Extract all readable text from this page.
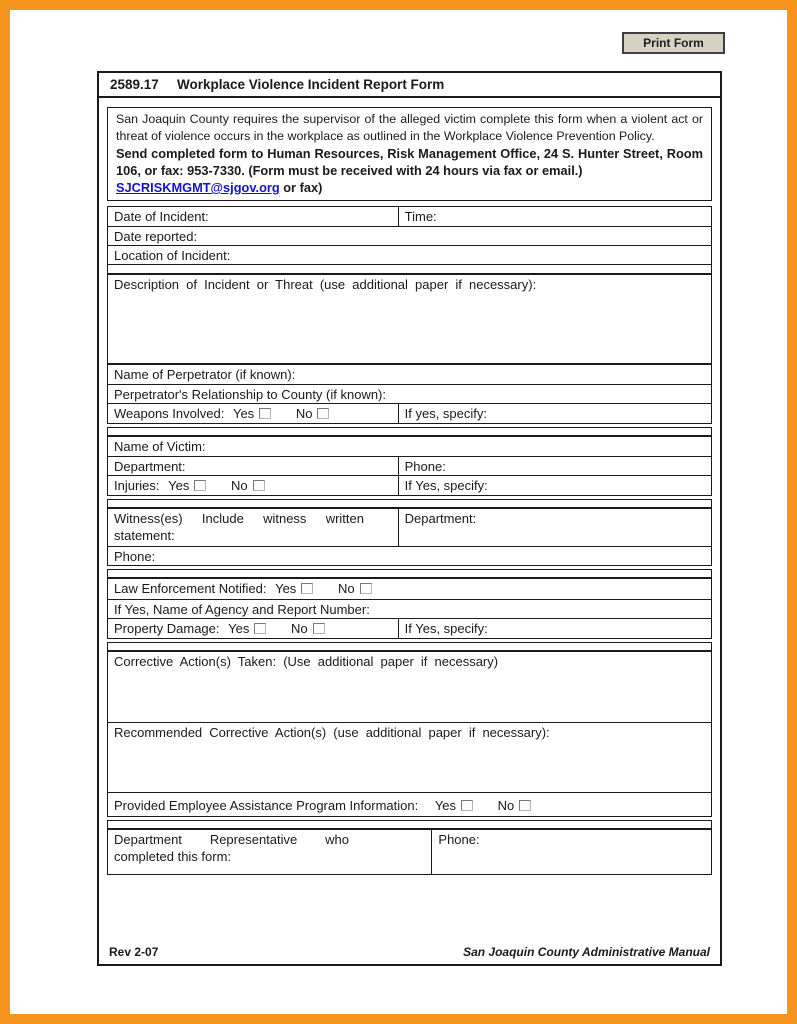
Print Form
2589.17	Workplace Violence Incident Report Form

San Joaquin County requires the supervisor of the alleged victim complete this form when a violent act or threat of violence occurs in the workplace as outlined in the Workplace Violence Prevention Policy.

Send completed form to Human Resources, Risk Management Office, 24 S. Hunter Street, Room 106, or fax: 953-7330. (Form must be received with 24 hours via fax or email.)

SJCRISKMGMT@sjgov.org or fax)
Date of Incident:	Time:
Date reported:
Location of Incident:
Description of Incident or Threat (use additional paper if necessary):
Name of Perpetrator (if known):
Perpetrator's Relationship to County (if known):
Weapons Involved: Yes	No	If yes, specify:
Name of Victim:
Department:	Phone:
Injuries: Yes	No	If Yes, specify:
Witness(es) Include witness written statement:
Department:
Phone:
Law Enforcement Notified: Yes	No
If Yes, Name of Agency and Report Number:
Property Damage: Yes	No	If Yes, specify:
Corrective Action(s) Taken: (Use additional paper if necessary)
Recommended Corrective Action(s) (use additional paper if necessary):
Provided Employee Assistance Program Information: Yes	No
Department Representative who completed this form:
Phone:
Rev 2-07	San Joaquin County Administrative Manual
